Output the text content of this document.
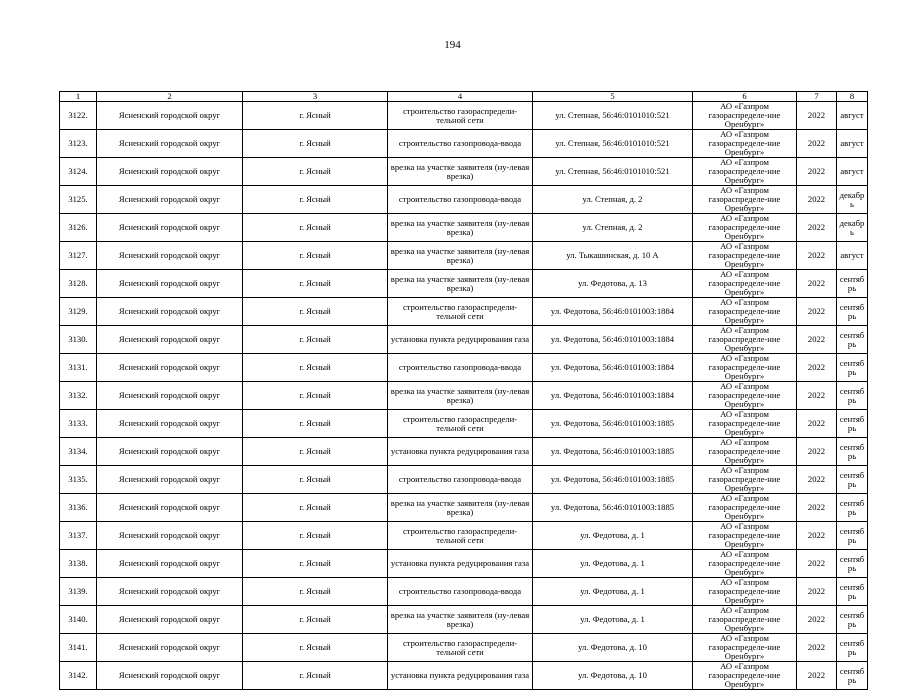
194
1	2	3	4	5	6	7	8
3122.	Ясненский городской округ	г. Ясный	строительство газораспредели-тельной сети	ул. Степная, 56:46:0101010:521	АО «Газпром газораспределе-ние Оренбург»	2022	август
3123.	Ясненский городской округ	г. Ясный	строительство газопровода-ввода	ул. Степная, 56:46:0101010:521	АО «Газпром газораспределе-ние Оренбург»	2022	август
3124.	Ясненский городской округ	г. Ясный	врезка на участке заявителя (ну-левая врезка)	ул. Степная, 56:46:0101010:521	АО «Газпром газораспределе-ние Оренбург»	2022	август
3125.	Ясненский городской округ	г. Ясный	строительство газопровода-ввода	ул. Степная, д. 2	АО «Газпром газораспределе-ние Оренбург»	2022	декабрь
3126.	Ясненский городской округ	г. Ясный	врезка на участке заявителя (ну-левая врезка)	ул. Степная, д. 2	АО «Газпром газораспределе-ние Оренбург»	2022	декабрь
3127.	Ясненский городской округ	г. Ясный	врезка на участке заявителя (ну-левая врезка)	ул. Тыкашинская, д. 10 А	АО «Газпром газораспределе-ние Оренбург»	2022	август
3128.	Ясненский городской округ	г. Ясный	врезка на участке заявителя (ну-левая врезка)	ул. Федотова, д. 13	АО «Газпром газораспределе-ние Оренбург»	2022	сентябрь
3129.	Ясненский городской округ	г. Ясный	строительство газораспредели-тельной сети	ул. Федотова, 56:46:0101003:1884	АО «Газпром газораспределе-ние Оренбург»	2022	сентябрь
3130.	Ясненский городской округ	г. Ясный	установка пункта редуцирования газа	ул. Федотова, 56:46:0101003:1884	АО «Газпром газораспределе-ние Оренбург»	2022	сентябрь
3131.	Ясненский городской округ	г. Ясный	строительство газопровода-ввода	ул. Федотова, 56:46:0101003:1884	АО «Газпром газораспределе-ние Оренбург»	2022	сентябрь
3132.	Ясненский городской округ	г. Ясный	врезка на участке заявителя (ну-левая врезка)	ул. Федотова, 56:46:0101003:1884	АО «Газпром газораспределе-ние Оренбург»	2022	сентябрь
3133.	Ясненский городской округ	г. Ясный	строительство газораспредели-тельной сети	ул. Федотова, 56:46:0101003:1885	АО «Газпром газораспределе-ние Оренбург»	2022	сентябрь
3134.	Ясненский городской округ	г. Ясный	установка пункта редуцирования газа	ул. Федотова, 56:46:0101003:1885	АО «Газпром газораспределе-ние Оренбург»	2022	сентябрь
3135.	Ясненский городской округ	г. Ясный	строительство газопровода-ввода	ул. Федотова, 56:46:0101003:1885	АО «Газпром газораспределе-ние Оренбург»	2022	сентябрь
3136.	Ясненский городской округ	г. Ясный	врезка на участке заявителя (ну-левая врезка)	ул. Федотова, 56:46:0101003:1885	АО «Газпром газораспределе-ние Оренбург»	2022	сентябрь
3137.	Ясненский городской округ	г. Ясный	строительство газораспредели-тельной сети	ул. Федотова, д. 1	АО «Газпром газораспределе-ние Оренбург»	2022	сентябрь
3138.	Ясненский городской округ	г. Ясный	установка пункта редуцирования газа	ул. Федотова, д. 1	АО «Газпром газораспределе-ние Оренбург»	2022	сентябрь
3139.	Ясненский городской округ	г. Ясный	строительство газопровода-ввода	ул. Федотова, д. 1	АО «Газпром газораспределе-ние Оренбург»	2022	сентябрь
3140.	Ясненский городской округ	г. Ясный	врезка на участке заявителя (ну-левая врезка)	ул. Федотова, д. 1	АО «Газпром газораспределе-ние Оренбург»	2022	сентябрь
3141.	Ясненский городской округ	г. Ясный	строительство газораспредели-тельной сети	ул. Федотова, д. 10	АО «Газпром газораспределе-ние Оренбург»	2022	сентябрь
3142.	Ясненский городской округ	г. Ясный	установка пункта редуцирования газа	ул. Федотова, д. 10	АО «Газпром газораспределе-ние Оренбург»	2022	сентябрь
